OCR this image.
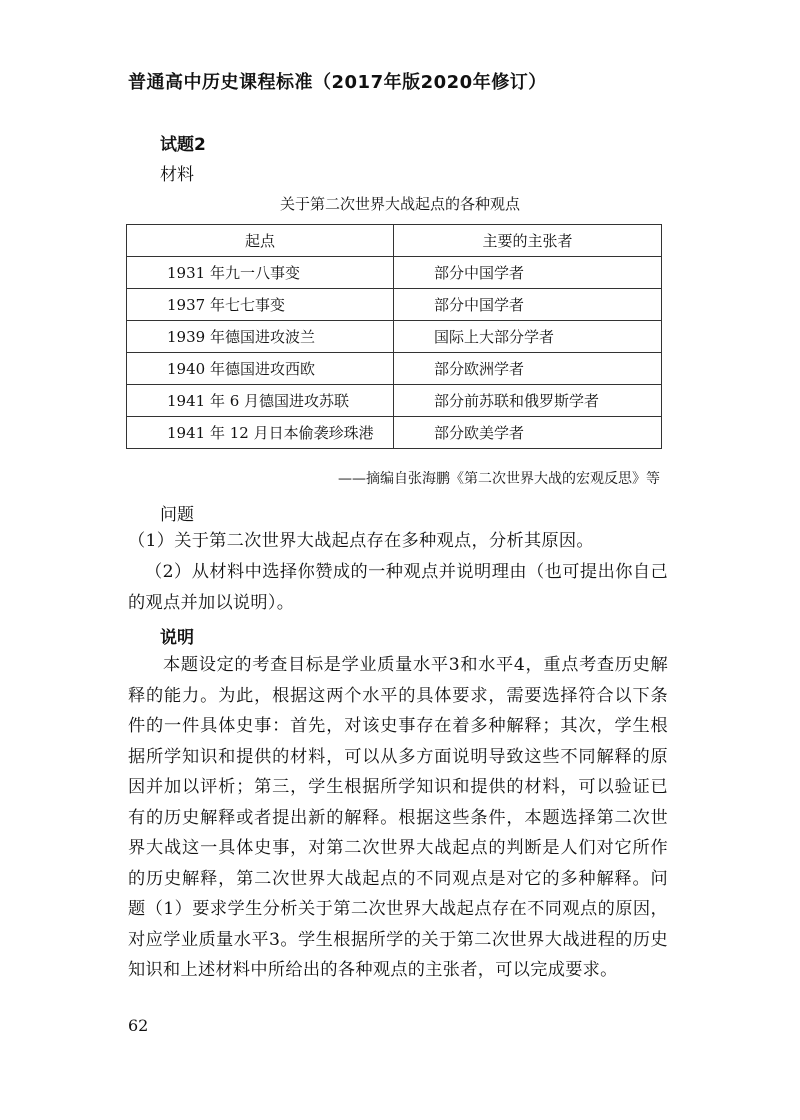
普通高中历史课程标准（2017年版2020年修订）
试题2
材料
关于第二次世界大战起点的各种观点
起点	主要的主张者
1931 年九一八事变	部分中国学者
1937 年七七事变	部分中国学者
1939 年德国进攻波兰	国际上大部分学者
1940 年德国进攻西欧	部分欧洲学者
1941 年 6 月德国进攻苏联	部分前苏联和俄罗斯学者
1941 年 12 月日本偷袭珍珠港	部分欧美学者
——摘编自张海鹏《第二次世界大战的宏观反思》等
问题
（1）关于第二次世界大战起点存在多种观点，分析其原因。
（2）从材料中选择你赞成的一种观点并说明理由（也可提出你自己的观点并加以说明）。
说明
本题设定的考查目标是学业质量水平3和水平4，重点考查历史解释的能力。为此，根据这两个水平的具体要求，需要选择符合以下条件的一件具体史事：首先，对该史事存在着多种解释；其次，学生根据所学知识和提供的材料，可以从多方面说明导致这些不同解释的原因并加以评析；第三，学生根据所学知识和提供的材料，可以验证已有的历史解释或者提出新的解释。根据这些条件，本题选择第二次世界大战这一具体史事，对第二次世界大战起点的判断是人们对它所作的历史解释，第二次世界大战起点的不同观点是对它的多种解释。问题（1）要求学生分析关于第二次世界大战起点存在不同观点的原因，对应学业质量水平3。学生根据所学的关于第二次世界大战进程的历史知识和上述材料中所给出的各种观点的主张者，可以完成要求。
62
